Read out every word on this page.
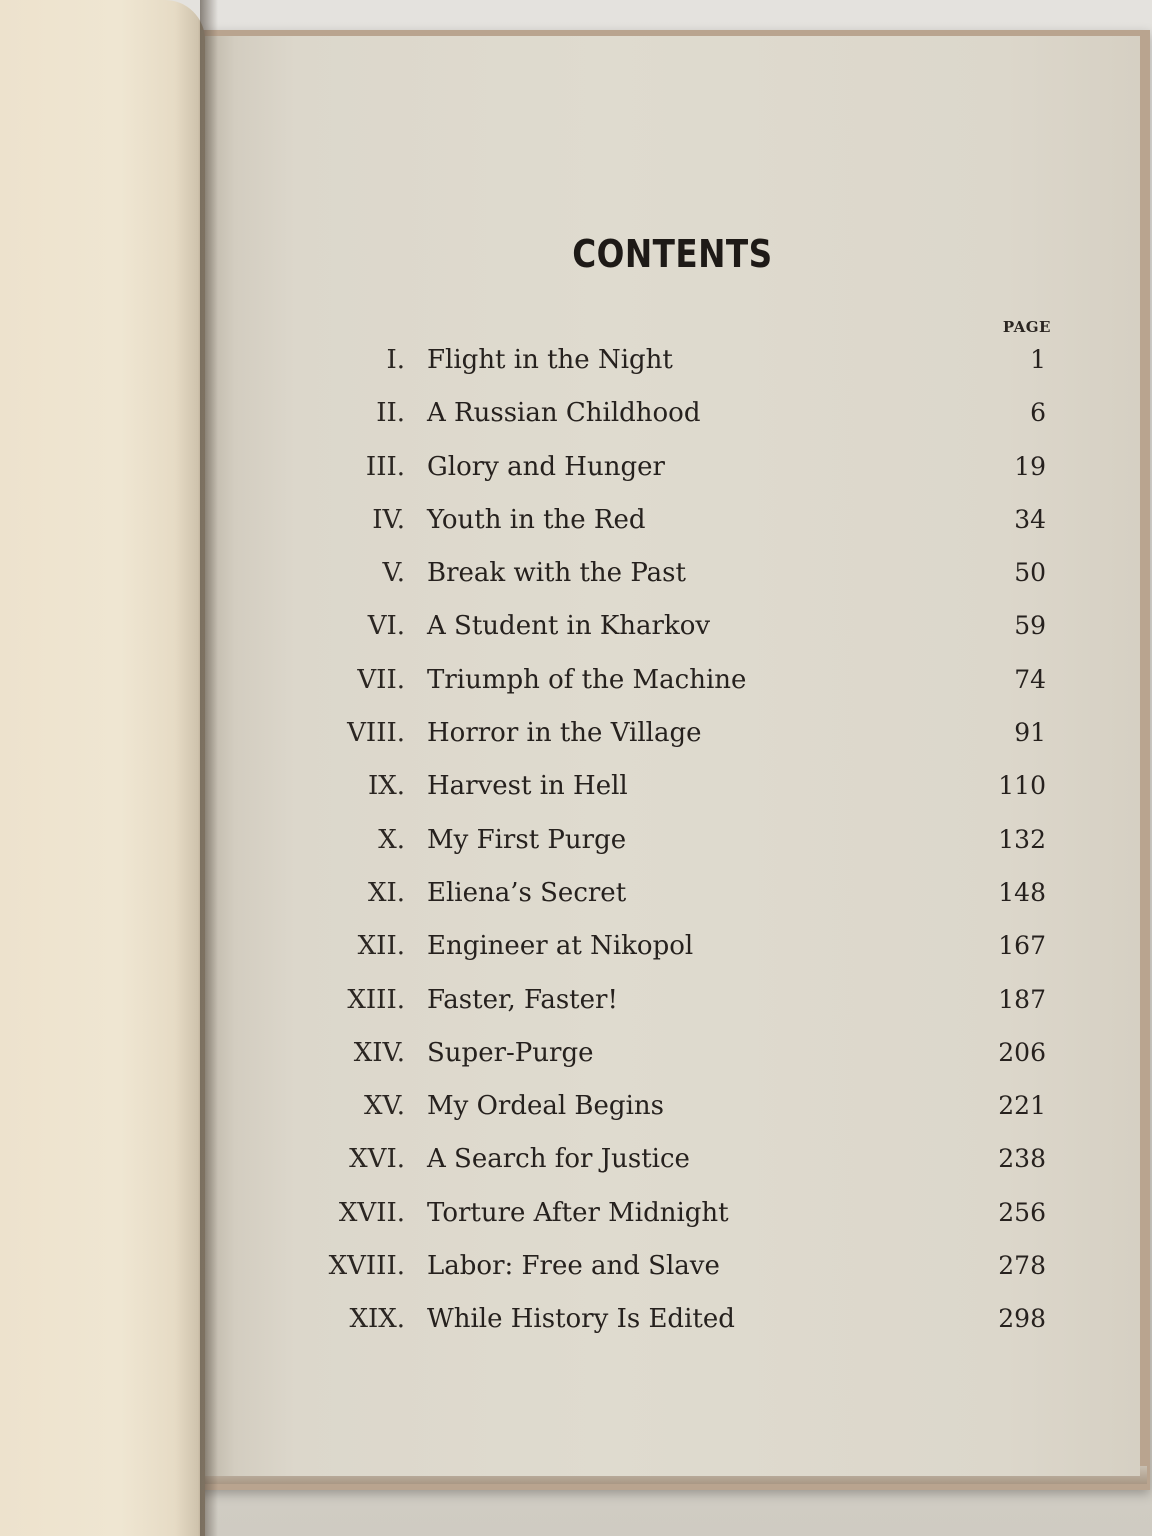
CONTENTS
PAGE
I. Flight in the Night	1
II. A Russian Childhood	6
III. Glory and Hunger	19
IV. Youth in the Red	34
V. Break with the Past	50
VI. A Student in Kharkov	59
VII. Triumph of the Machine	74
VIII. Horror in the Village	91
IX. Harvest in Hell	110
X. My First Purge	132
XI. Eliena’s Secret	148
XII. Engineer at Nikopol	167
XIII. Faster, Faster!	187
XIV. Super-Purge	206
XV. My Ordeal Begins	221
XVI. A Search for Justice	238
XVII. Torture After Midnight	256
XVIII. Labor: Free and Slave	278
XIX. While History Is Edited	298
